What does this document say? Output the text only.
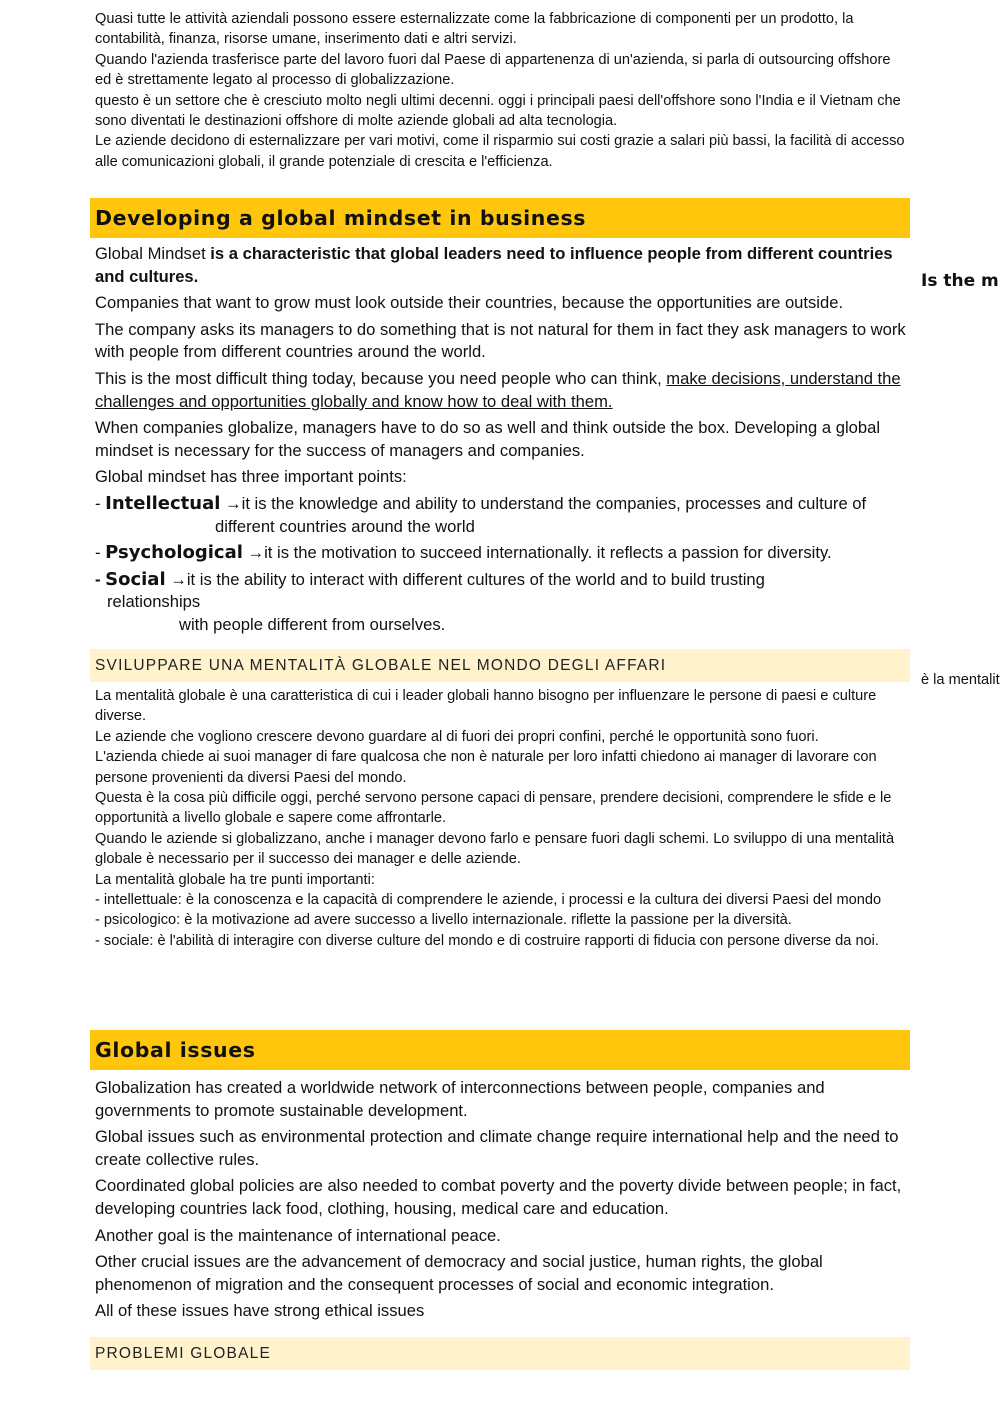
Quasi tutte le attività aziendali possono essere esternalizzate come la fabbricazione di componenti per un prodotto, la contabilità, finanza, risorse umane, inserimento dati e altri servizi.

Quando l'azienda trasferisce parte del lavoro fuori dal Paese di appartenenza di un'azienda, si parla di outsourcing offshore ed è strettamente legato al processo di globalizzazione.

questo è un settore che è cresciuto molto negli ultimi decenni. oggi i principali paesi dell'offshore sono l'India e il Vietnam che sono diventati le destinazioni offshore di molte aziende globali ad alta tecnologia.

Le aziende decidono di esternalizzare per vari motivi, come il risparmio sui costi grazie a salari più bassi, la facilità di accesso alle comunicazioni globali, il grande potenziale di crescita e l'efficienza.

Developing a global mindset in business
Is the m

Global Mindset is a characteristic that global leaders need to influence people from different countries and cultures.

Companies that want to grow must look outside their countries, because the opportunities are outside.

The company asks its managers to do something that is not natural for them in fact they ask managers to work with people from different countries around the world.

This is the most difficult thing today, because you need people who can think, make decisions, understand the challenges and opportunities globally and know how to deal with them.

When companies globalize, managers have to do so as well and think outside the box. Developing a global mindset is necessary for the success of managers and companies.

Global mindset has three important points:

- Intellectual →it is the knowledge and ability to understand the companies, processes and culture of

different countries around the world

- Psychological →it is the motivation to succeed internationally. it reflects a passion for diversity.

- Social →it is the ability to interact with different cultures of the world and to build trusting

relationships

with people different from ourselves.

SVILUPPARE UNA MENTALITÀ GLOBALE NEL MONDO DEGLI AFFARI
è la mentalit

La mentalità globale è una caratteristica di cui i leader globali hanno bisogno per influenzare le persone di paesi e culture diverse.

Le aziende che vogliono crescere devono guardare al di fuori dei propri confini, perché le opportunità sono fuori.

L'azienda chiede ai suoi manager di fare qualcosa che non è naturale per loro infatti chiedono ai manager di lavorare con persone provenienti da diversi Paesi del mondo.

Questa è la cosa più difficile oggi, perché servono persone capaci di pensare, prendere decisioni, comprendere le sfide e le opportunità a livello globale e sapere come affrontarle.

Quando le aziende si globalizzano, anche i manager devono farlo e pensare fuori dagli schemi. Lo sviluppo di una mentalità globale è necessario per il successo dei manager e delle aziende.

La mentalità globale ha tre punti importanti:

- intellettuale: è la conoscenza e la capacità di comprendere le aziende, i processi e la cultura dei diversi Paesi del mondo

- psicologico: è la motivazione ad avere successo a livello internazionale. riflette la passione per la diversità.

- sociale: è l'abilità di interagire con diverse culture del mondo e di costruire rapporti di fiducia con persone diverse da noi.

Global issues

Globalization has created a worldwide network of interconnections between people, companies and governments to promote sustainable development.

Global issues such as environmental protection and climate change require international help and the need to create collective rules.

Coordinated global policies are also needed to combat poverty and the poverty divide between people; in fact, developing countries lack food, clothing, housing, medical care and education.

Another goal is the maintenance of international peace.

Other crucial issues are the advancement of democracy and social justice, human rights, the global phenomenon of migration and the consequent processes of social and economic integration.

All of these issues have strong ethical issues

PROBLEMI GLOBALE
